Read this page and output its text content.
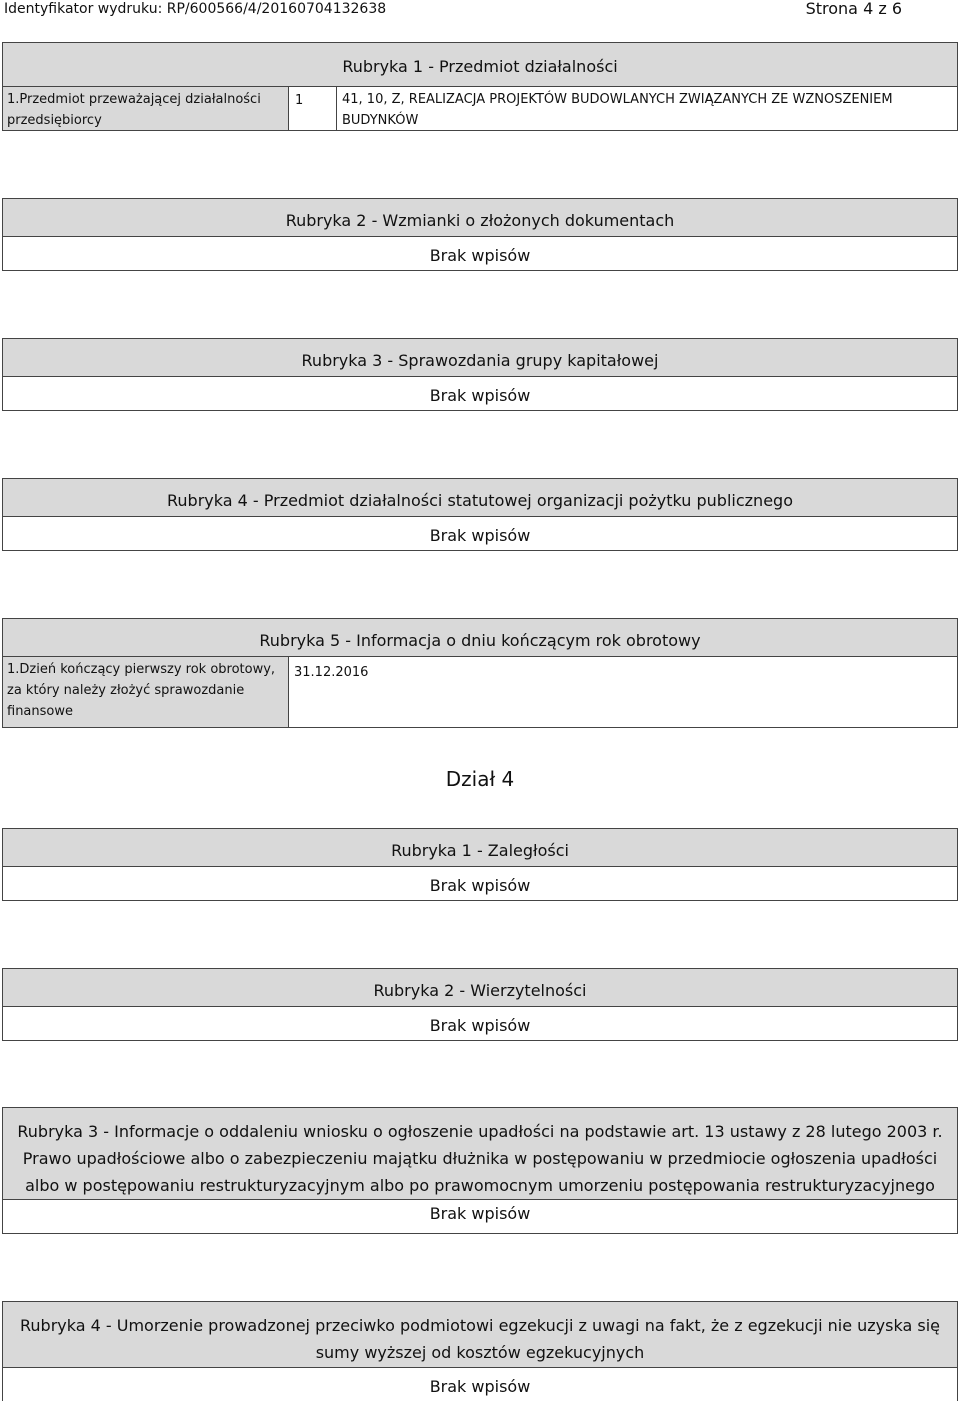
Identyfikator wydruku: RP/600566/4/20160704132638	Strona 4 z 6
Rubryka 1 - Przedmiot działalności
1.Przedmiot przeważającej działalności przedsiębiorcy
1	41, 10, Z, REALIZACJA PROJEKTÓW BUDOWLANYCH ZWIĄZANYCH ZE WZNOSZENIEM BUDYNKÓW
Rubryka 2 - Wzmianki o złożonych dokumentach
Brak wpisów
Rubryka 3 - Sprawozdania grupy kapitałowej
Brak wpisów
Rubryka 4 - Przedmiot działalności statutowej organizacji pożytku publicznego
Brak wpisów
Rubryka 5 - Informacja o dniu kończącym rok obrotowy
1.Dzień kończący pierwszy rok obrotowy, za który należy złożyć sprawozdanie finansowe
31.12.2016
Dział 4
Rubryka 1 - Zaległości
Brak wpisów
Rubryka 2 - Wierzytelności
Brak wpisów
Rubryka 3 - Informacje o oddaleniu wniosku o ogłoszenie upadłości na podstawie art. 13 ustawy z 28 lutego 2003 r. Prawo upadłościowe albo o zabezpieczeniu majątku dłużnika w postępowaniu w przedmiocie ogłoszenia upadłości albo w postępowaniu restrukturyzacyjnym albo po prawomocnym umorzeniu postępowania restrukturyzacyjnego
Brak wpisów
Rubryka 4 - Umorzenie prowadzonej przeciwko podmiotowi egzekucji z uwagi na fakt, że z egzekucji nie uzyska się sumy wyższej od kosztów egzekucyjnych
Brak wpisów
